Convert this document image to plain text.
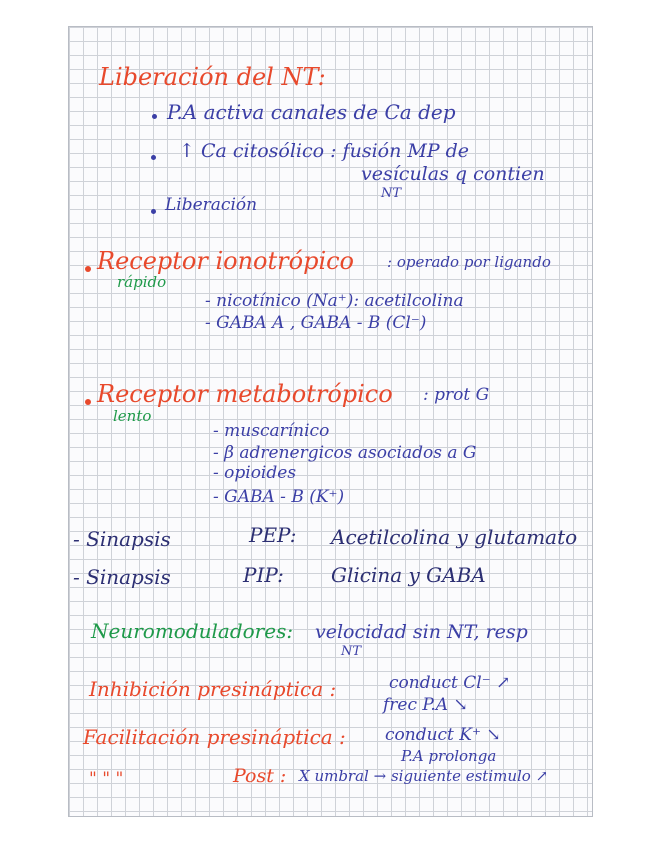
Liberación del NT:
P.A activa canales de Ca dep
↑ Ca citosólico : fusión MP de
vesículas q contien
NT
Liberación
Receptor ionotrópico : operado por ligando
rápido
- nicotínico (Na⁺): acetilcolina
- GABA A , GABA - B (Cl⁻)
Receptor metabotrópico : prot G
lento
- muscarínico
- β adrenergicos asociados a G
- opioides
- GABA - B (K⁺)
- Sinapsis	PEP: Acetilcolina y glutamato
- Sinapsis	PIP: Glicina y GABA
Neuromoduladores: velocidad sin NT, resp
NT
Inhibición presináptica :	conduct Cl⁻ ↗
frec P.A ↘
Facilitación presináptica : conduct K⁺ ↘
P.A prolonga
" " "	Post : X umbral → siguiente estimulo ↗
